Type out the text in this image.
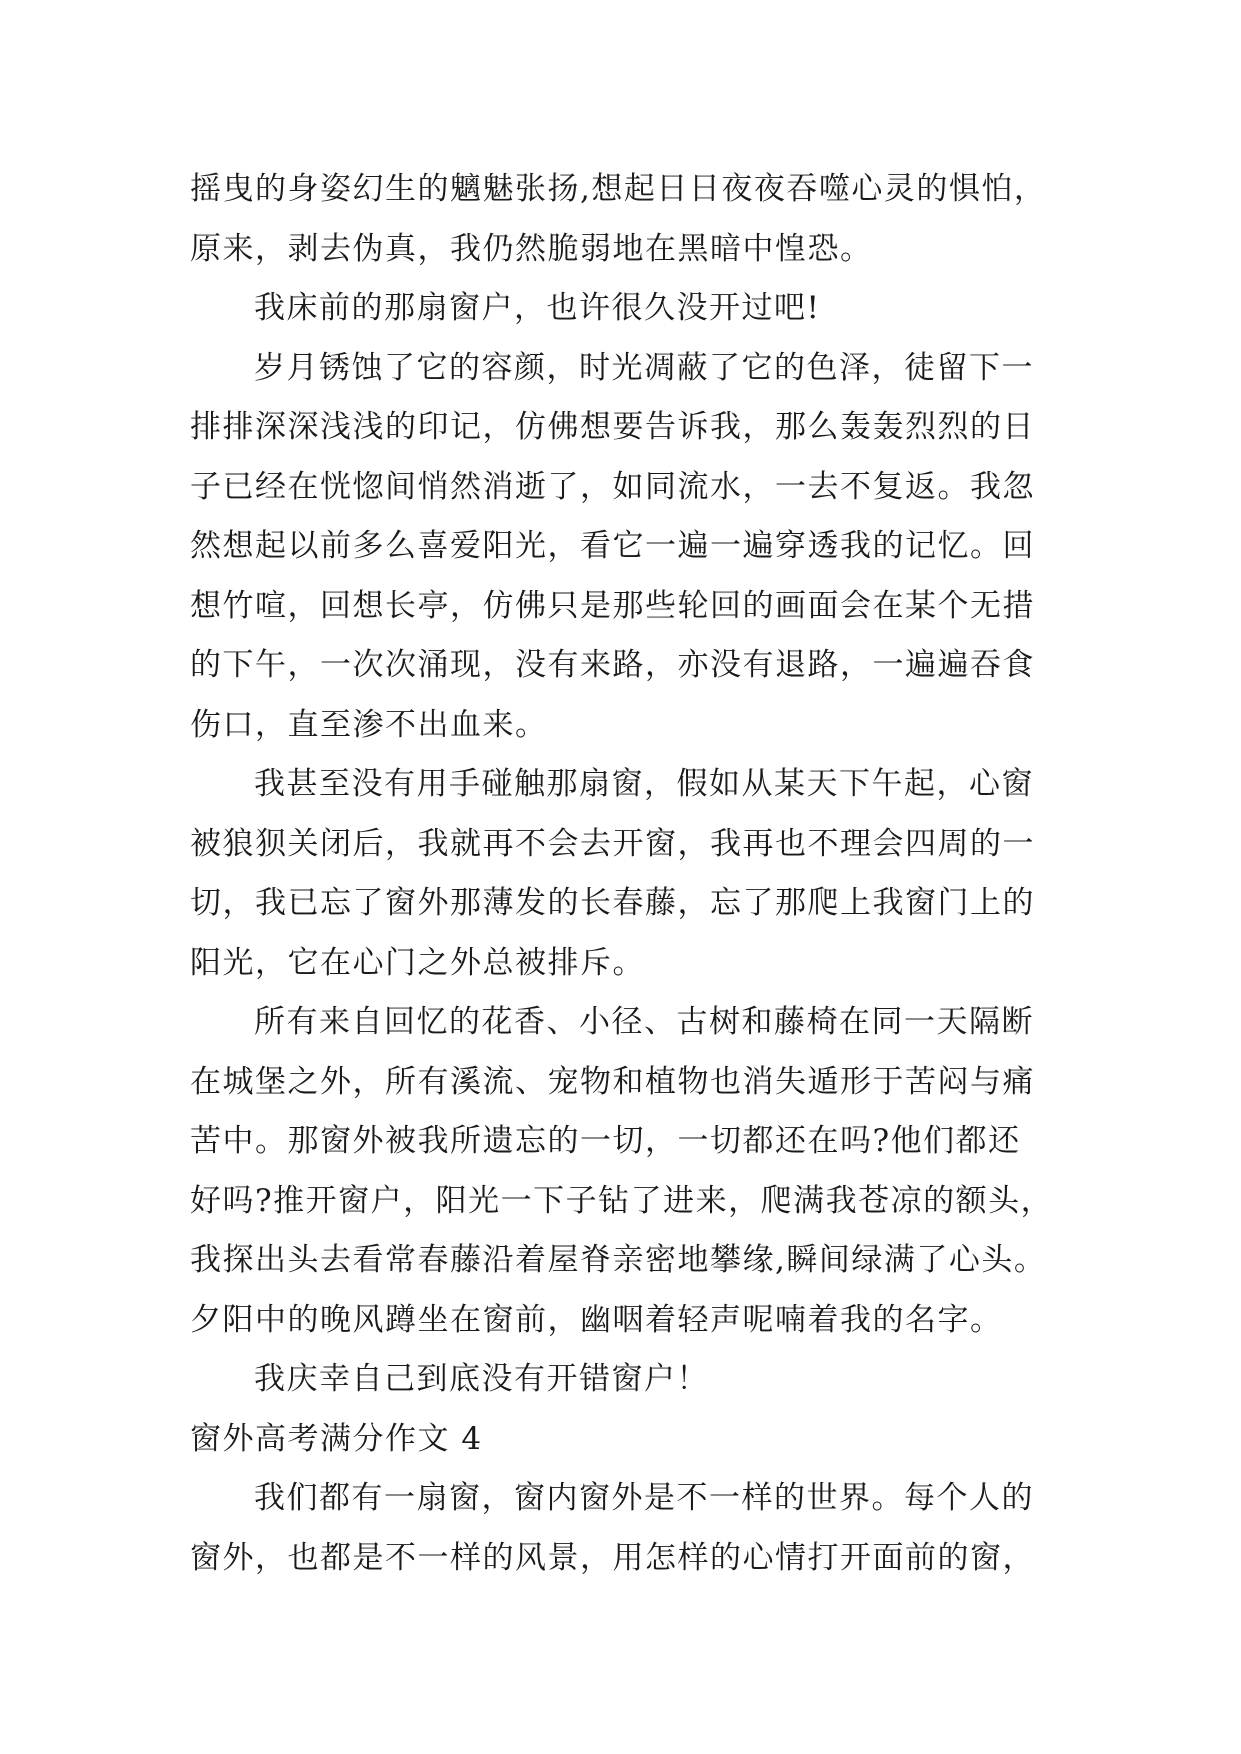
摇曳的身姿幻生的魑魅张扬,想起日日夜夜吞噬心灵的惧怕，
原来，剥去伪真，我仍然脆弱地在黑暗中惶恐。
我床前的那扇窗户，也许很久没开过吧!
岁月锈蚀了它的容颜，时光凋蔽了它的色泽，徒留下一
排排深深浅浅的印记，仿佛想要告诉我，那么轰轰烈烈的日
子已经在恍惚间悄然消逝了，如同流水，一去不复返。我忽
然想起以前多么喜爱阳光，看它一遍一遍穿透我的记忆。回
想竹喧，回想长亭，仿佛只是那些轮回的画面会在某个无措
的下午，一次次涌现，没有来路，亦没有退路，一遍遍吞食
伤口，直至渗不出血来。
我甚至没有用手碰触那扇窗，假如从某天下午起，心窗
被狼狈关闭后，我就再不会去开窗，我再也不理会四周的一
切，我已忘了窗外那薄发的长春藤，忘了那爬上我窗门上的
阳光，它在心门之外总被排斥。
所有来自回忆的花香、小径、古树和藤椅在同一天隔断
在城堡之外，所有溪流、宠物和植物也消失遁形于苦闷与痛
苦中。那窗外被我所遗忘的一切，一切都还在吗?他们都还
好吗?推开窗户，阳光一下子钻了进来，爬满我苍凉的额头，
我探出头去看常春藤沿着屋脊亲密地攀缘,瞬间绿满了心头。
夕阳中的晚风蹲坐在窗前，幽咽着轻声呢喃着我的名字。
我庆幸自己到底没有开错窗户！
窗外高考满分作文 4
我们都有一扇窗，窗内窗外是不一样的世界。每个人的
窗外，也都是不一样的风景，用怎样的心情打开面前的窗，
